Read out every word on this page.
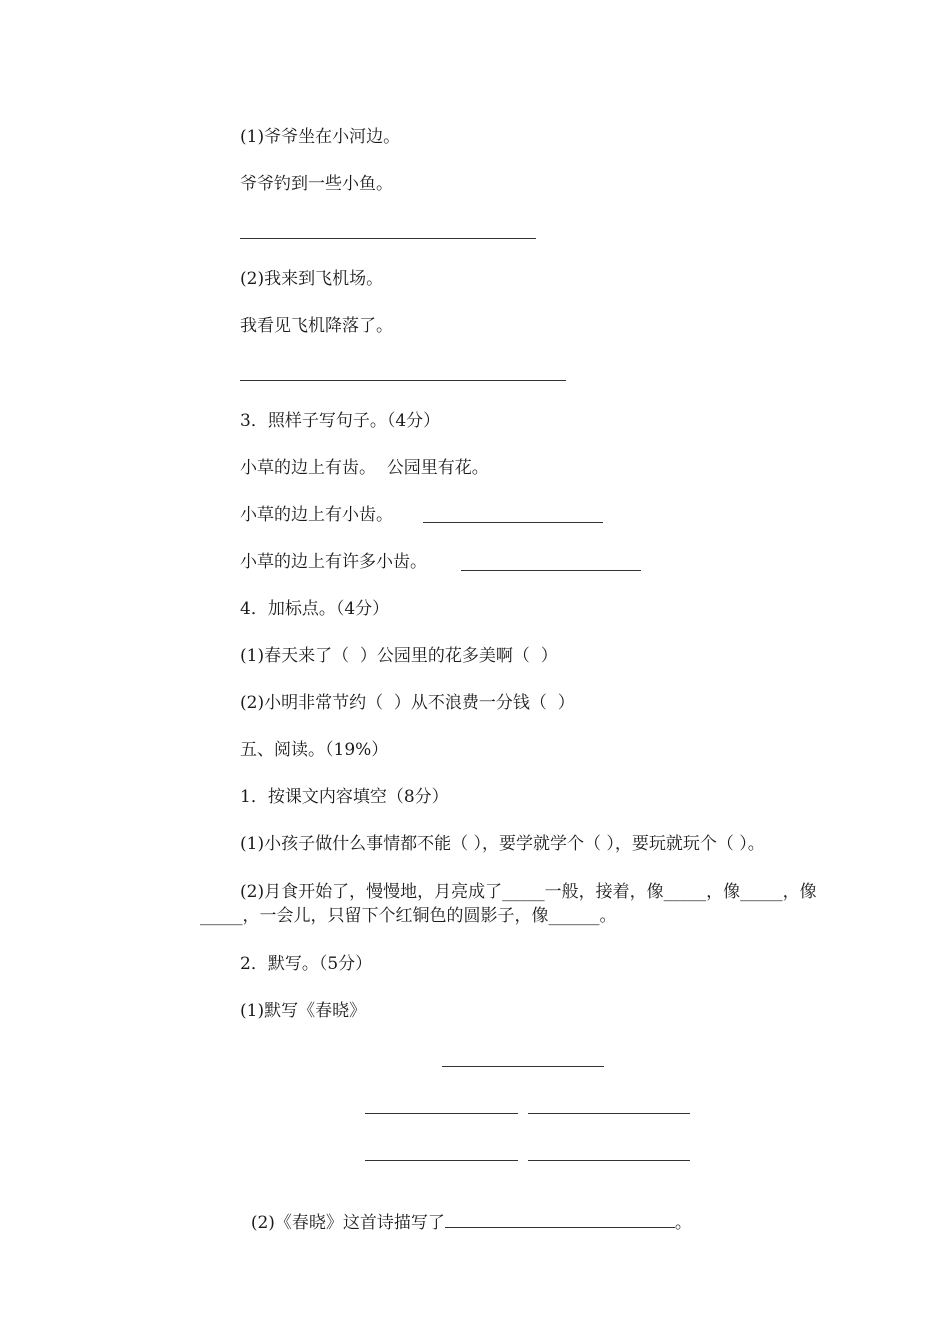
(1)爷爷坐在小河边。
爷爷钓到一些小鱼。
(2)我来到飞机场。
我看见飞机降落了。
3．照样子写句子。（4分）
小草的边上有齿。  公园里有花。
小草的边上有小齿。
小草的边上有许多小齿。
4．加标点。（4分）
(1)春天来了（  ）公园里的花多美啊（  ）
(2)小明非常节约（  ）从不浪费一分钱（  ）
五、阅读。（19%）
1．按课文内容填空（8分）
(1)小孩子做什么事情都不能（ ），要学就学个（ ），要玩就玩个（ ）。
(2)月食开始了，慢慢地，月亮成了_____一般，接着，像_____，像_____，像_____，一会儿，只留下个红铜色的圆影子，像______。
2．默写。（5分）
(1)默写《春晓》

(2)《春晓》这首诗描写了	。
